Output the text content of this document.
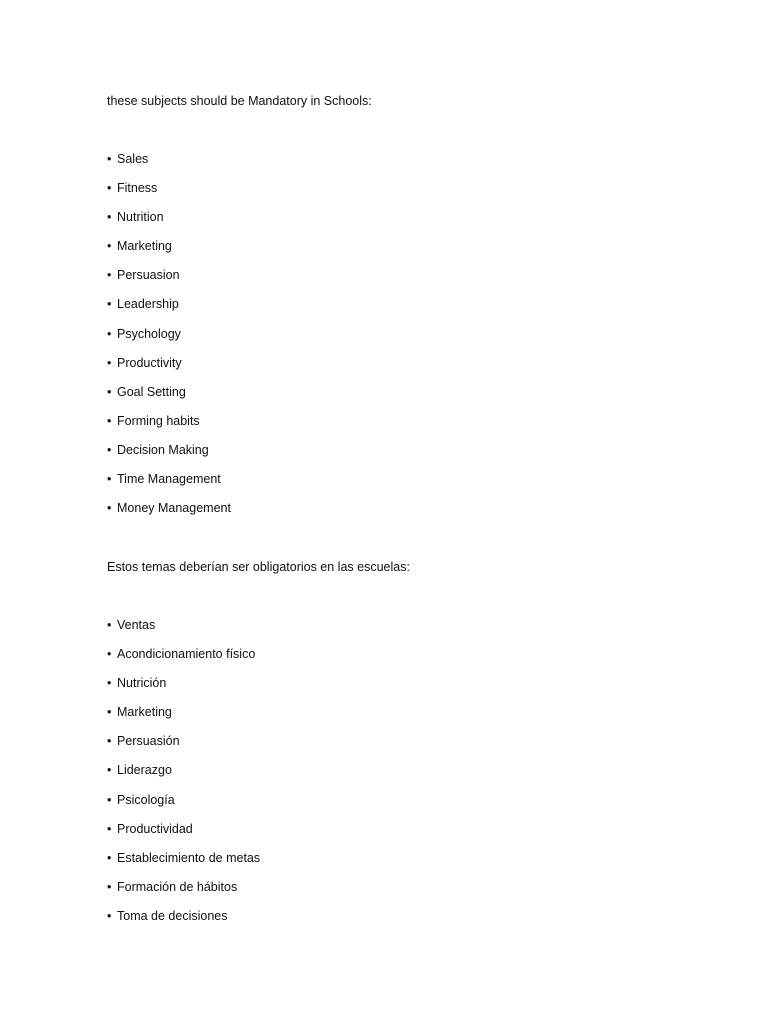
these subjects should be Mandatory in Schools:
• Sales
• Fitness
• Nutrition
• Marketing
• Persuasion
• Leadership
• Psychology
• Productivity
• Goal Setting
• Forming habits
• Decision Making
• Time Management
• Money Management
Estos temas deberían ser obligatorios en las escuelas:
• Ventas
• Acondicionamiento físico
• Nutrición
• Marketing
• Persuasión
• Liderazgo
• Psicología
• Productividad
• Establecimiento de metas
• Formación de hábitos
• Toma de decisiones
